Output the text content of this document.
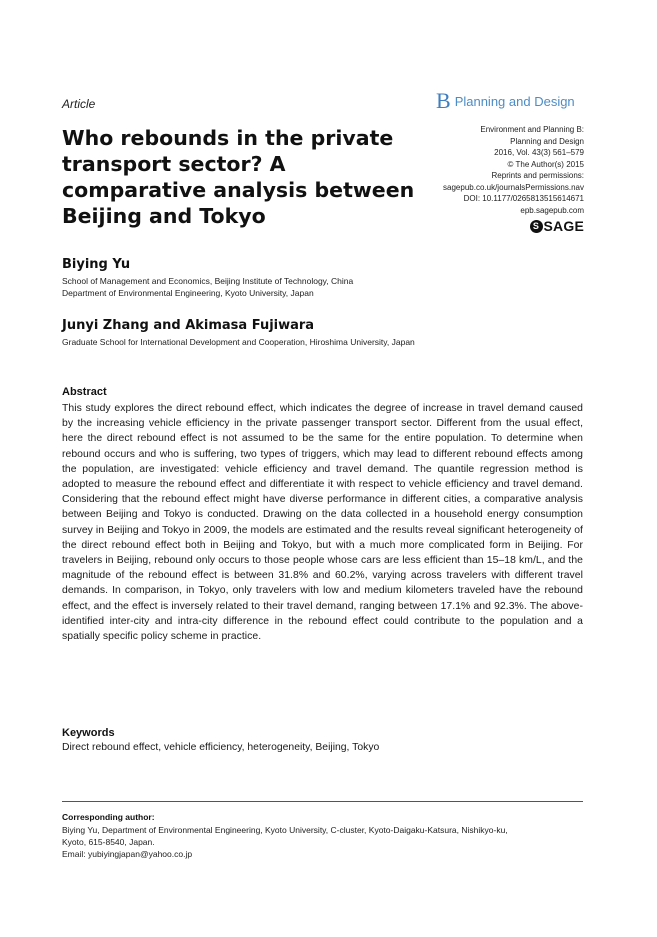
Article	B Planning and Design
Who rebounds in the private transport sector? A comparative analysis between Beijing and Tokyo
Environment and Planning B:
Planning and Design
2016, Vol. 43(3) 561–579
© The Author(s) 2015
Reprints and permissions:
sagepub.co.uk/journalsPermissions.nav
DOI: 10.1177/0265813515614671
epb.sagepub.com
S SAGE
Biying Yu
School of Management and Economics, Beijing Institute of Technology, China
Department of Environmental Engineering, Kyoto University, Japan
Junyi Zhang and Akimasa Fujiwara
Graduate School for International Development and Cooperation, Hiroshima University, Japan
Abstract

This study explores the direct rebound effect, which indicates the degree of increase in travel demand caused by the increasing vehicle efficiency in the private passenger transport sector. Different from the usual effect, here the direct rebound effect is not assumed to be the same for the entire population. To determine when rebound occurs and who is suffering, two types of triggers, which may lead to different rebound effects among the population, are investigated: vehicle efficiency and travel demand. The quantile regression method is adopted to measure the rebound effect and differentiate it with respect to vehicle efficiency and travel demand. Considering that the rebound effect might have diverse performance in different cities, a comparative analysis between Beijing and Tokyo is conducted. Drawing on the data collected in a household energy consumption survey in Beijing and Tokyo in 2009, the models are estimated and the results reveal significant heterogeneity of the direct rebound effect both in Beijing and Tokyo, but with a much more complicated form in Beijing. For travelers in Beijing, rebound only occurs to those people whose cars are less efficient than 15–18 km/L, and the magnitude of the rebound effect is between 31.8% and 60.2%, varying across travelers with different travel demands. In comparison, in Tokyo, only travelers with low and medium kilometers traveled have the rebound effect, and the effect is inversely related to their travel demand, ranging between 17.1% and 92.3%. The above-identified inter-city and intra-city difference in the rebound effect could contribute to the population and a spatially specific policy scheme in practice.

Keywords
Direct rebound effect, vehicle efficiency, heterogeneity, Beijing, Tokyo
Corresponding author:
Biying Yu, Department of Environmental Engineering, Kyoto University, C-cluster, Kyoto-Daigaku-Katsura, Nishikyo-ku,
Kyoto, 615-8540, Japan.
Email: yubiyingjapan@yahoo.co.jp
